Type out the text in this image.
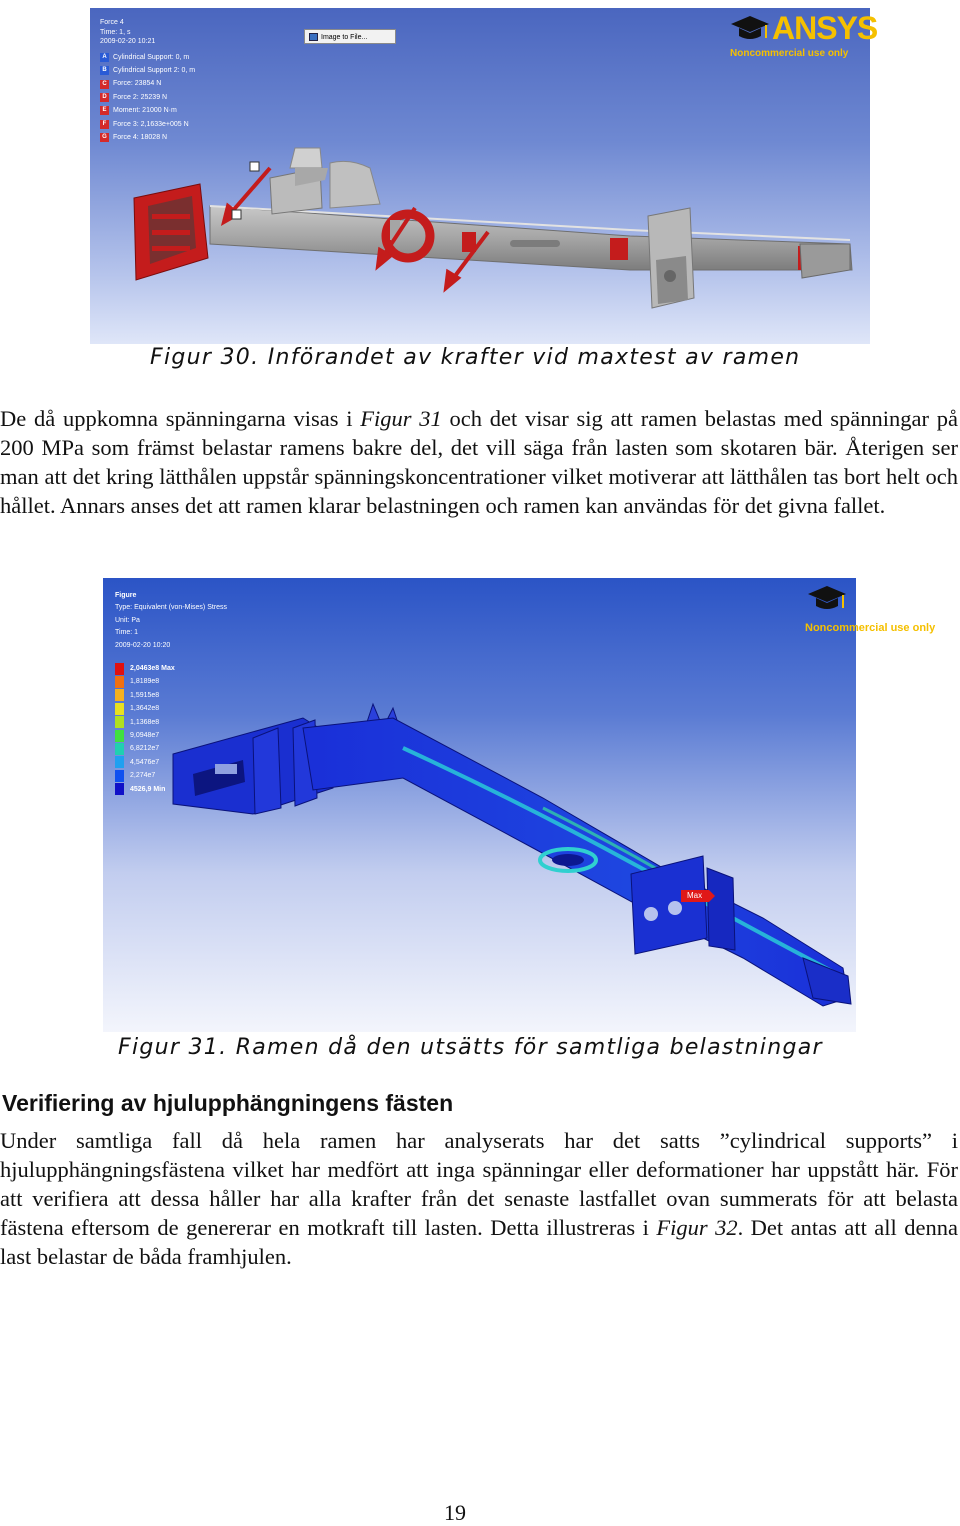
Force 4
Time: 1, s
2009-02-20 10:21
A Cylindrical Support: 0, m
B Cylindrical Support 2: 0, m
C Force: 23854 N
D Force 2: 25239 N
E Moment: 21000 N·m
F Force 3: 2,1633e+005 N
G Force 4: 18028 N
Image to File...	ANSYS
Noncommercial use only
Figur 30. Införandet av krafter vid maxtest av ramen
De då uppkomna spänningarna visas i Figur 31 och det visar sig att ramen belastas med spänningar på 200 MPa som främst belastar ramens bakre del, det vill säga från lasten som skotaren bär. Återigen ser man att det kring lätthålen uppstår spänningskoncentrationer vilket motiverar att lätthålen tas bort helt och hållet. Annars anses det att ramen klarar belastningen och ramen kan användas för det givna fallet.
Figure
Type: Equivalent (von-Mises) Stress
Unit: Pa
Time: 1
2009-02-20 10:20
2,0463e8 Max
1,8189e8
1,5915e8
1,3642e8
1,1368e8
9,0948e7
6,8212e7
4,5476e7
2,274e7
4526,9 Min
Noncommercial use only
Max
Figur 31. Ramen då den utsätts för samtliga belastningar
Verifiering av hjulupphängningens fästen
Under samtliga fall då hela ramen har analyserats har det satts ”cylindrical supports” i hjulupphängningsfästena vilket har medfört att inga spänningar eller deformationer har uppstått här. För att verifiera att dessa håller har alla krafter från det senaste lastfallet ovan summerats för att belasta fästena eftersom de genererar en motkraft till lasten. Detta illustreras i Figur 32. Det antas att all denna last belastar de båda framhjulen.
19
